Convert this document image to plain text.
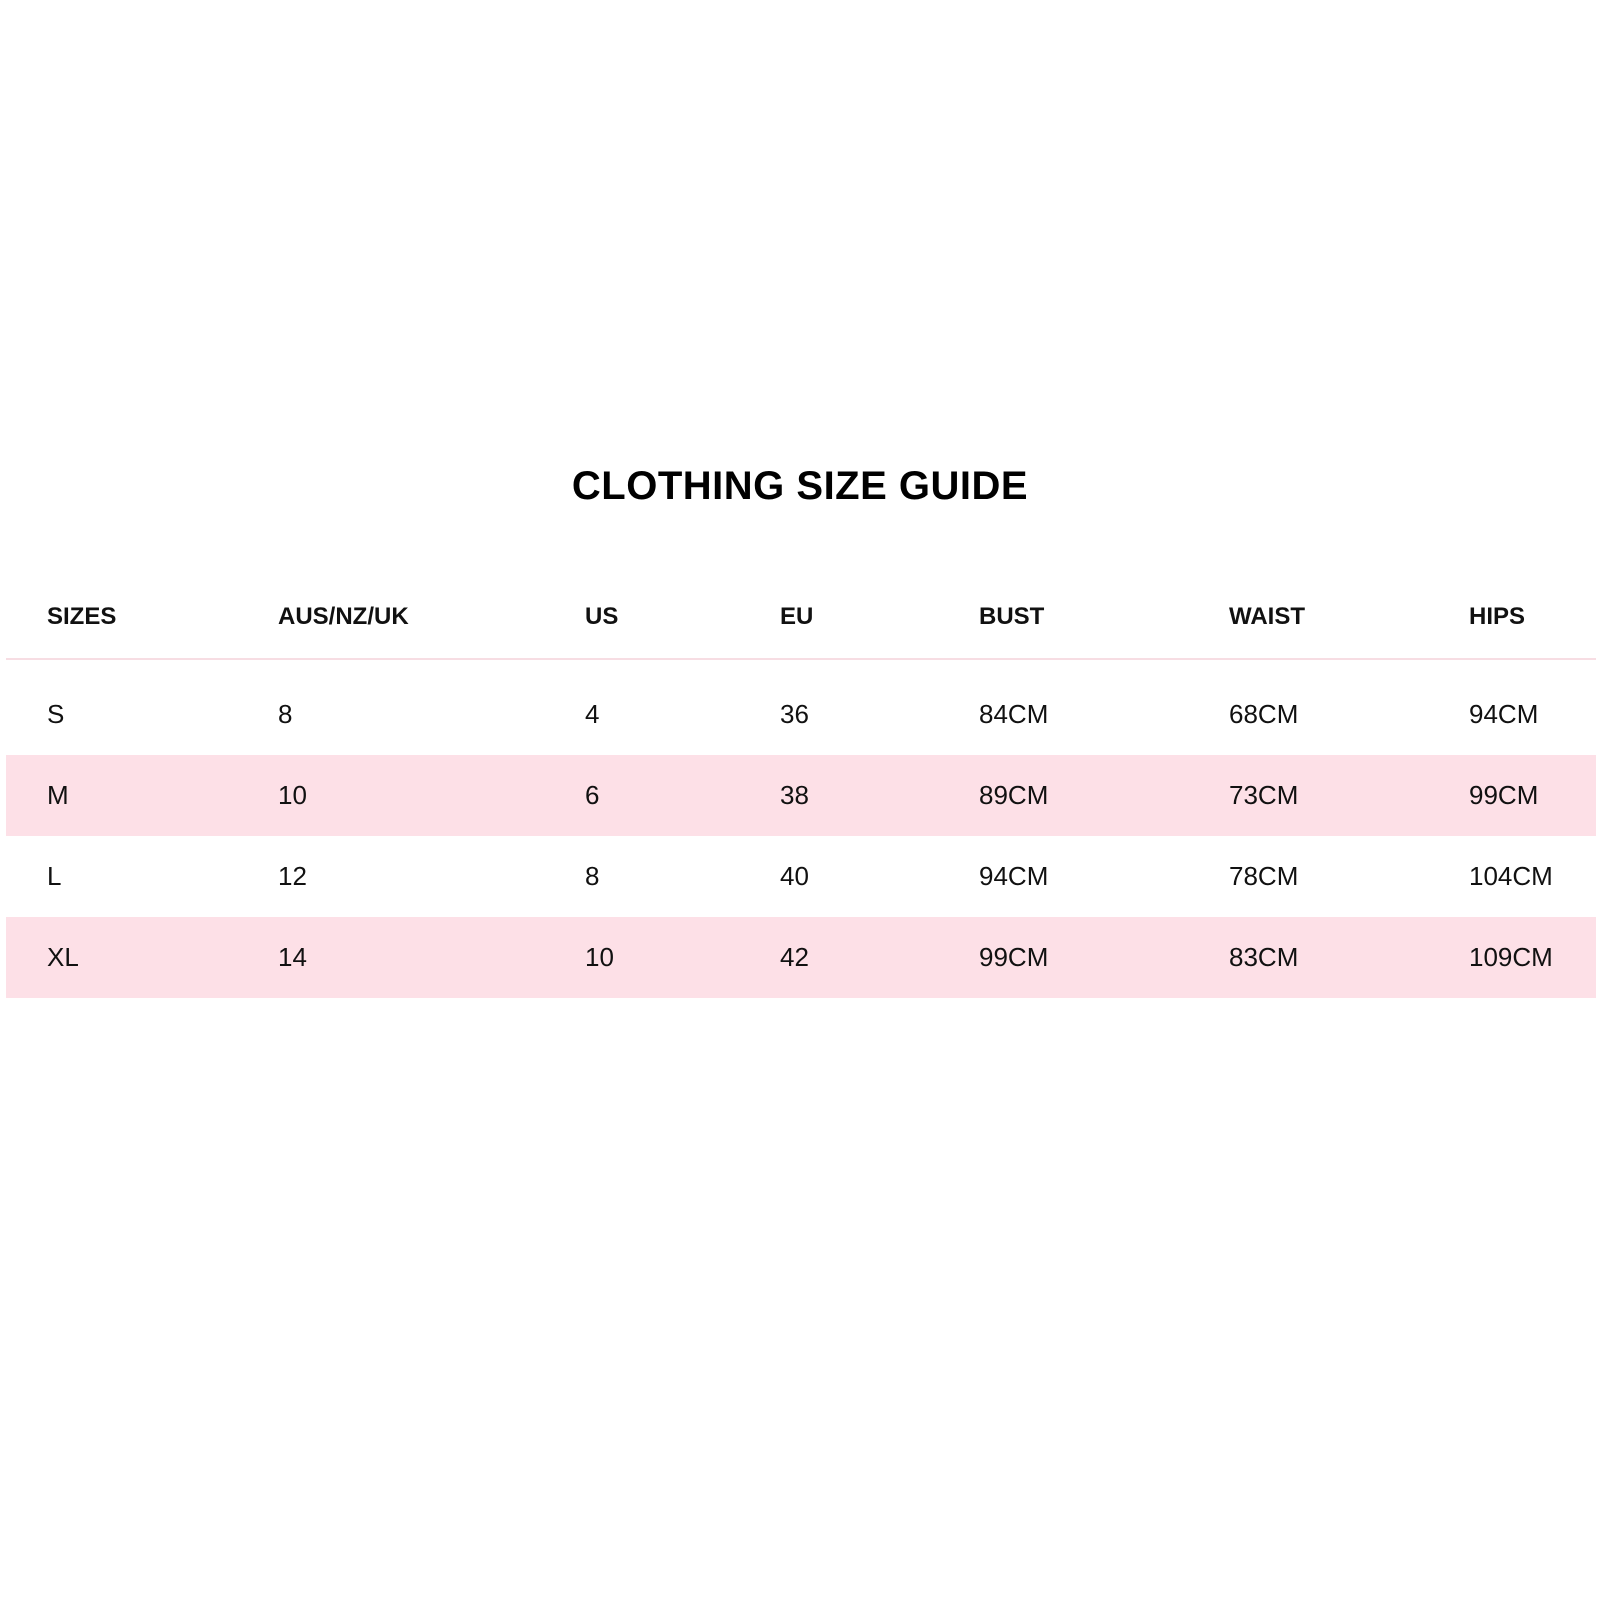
CLOTHING SIZE GUIDE
SIZES	AUS/NZ/UK	US	EU	BUST	WAIST	HIPS
S	8	4	36	84CM	68CM	94CM
M	10	6	38	89CM	73CM	99CM
L	12	8	40	94CM	78CM	104CM
XL	14	10	42	99CM	83CM	109CM
